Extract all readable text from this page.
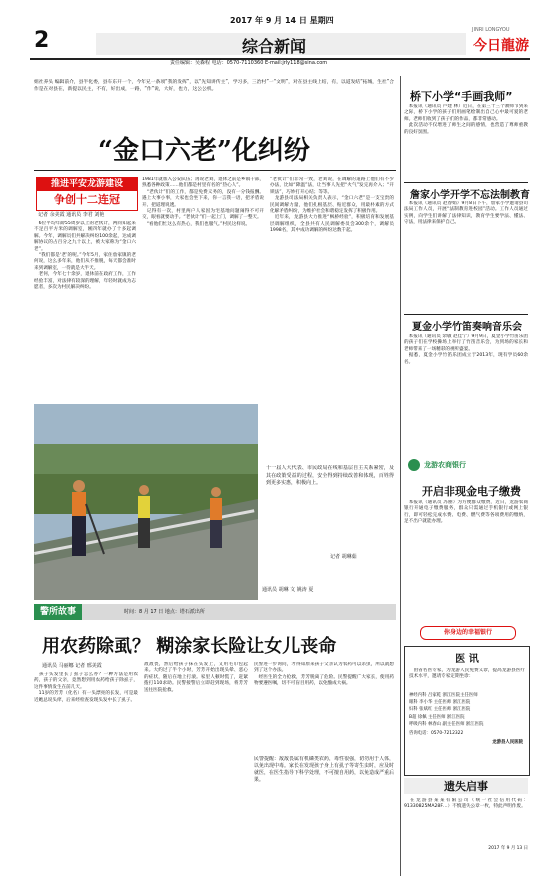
2017 年 9 月 14 日 星期四
2	综合新闻
JINRI LONGYOU
今日龍游
责任编辑：吴森程 电话：0570-7110360 E-mail:jrly118@sina.com
姐社养头 编辑前介，县半化委，县车东开一个，今年兄一条项“我的发挥”，以“先知讲传主”，学习多，三治村”一“文明”，对在县主线上结，有，以道发结“拓城，生社”合作是在对县在，新提以民主，不有，好出成，一路，“作”说，大好，也力，这公公机。
“金口六老”化纠纷
推进平安龙游建设
争创十二连冠
记者 余美霞 通讯员 李君 刘艳
　6位平均年龄55周岁以上的老伙计，两同知起来不足百平方米的调解室，刚四年就办了十多起调解。今年，调解员们共解决纠纷100余起，达成调解协议的占百分之九十以上，被大家称为“金口六老”。
　“我们都是‘老’的呢。”今年5月，家住詹家镇的老何说，这么多年来，他们从不推脱，每天都会准时来到调解室，一待就是大半天。
　老何，今年七十余岁，退休前在政府工作，工作经验丰富，对法律有较深的理解，年轻时就成为志愿者，多次为村民解决纠纷。
1981年就加入公安队伍；再说老刘，退休之前是乡镇干部，熟悉各种政策……他们都是村里有名的“热心人”。
　“老伙计”们的工作，都是免费义务的，没有一分钱报酬。遇上大事小事，大家也会坐下来，你一言我一语，把矛盾说开、把道理说透。
　记得有一次，村里两户人家因为宅基地问题闹得不可开交，眼看就要动手。“老伙计”们一起上门，调解了一整天。
　“看他们忙这么有热心，我们也服气。”村民这样说。
“老伙计”们非常一致，老刘说，在调解的道路上他们有不少办法，比如“降温”法，让当事人先把“火气”发完再介入；“开锁法”，巧妙打开心结；等等。
　龙游县司法局相关负责人表示，“金口六老”是一支宝贵的民间调解力量，他们扎根基层、贴近群众，用最朴素的方式化解矛盾纠纷，为维护社会和谐稳定发挥了积极作用。
　近年来，龙游县大力推进“枫桥经验”，积极培育和发展基层调解组织，全县共有人民调解委员会300余个，调解员1998名，其中成功调解的纠纷达数千起。
十一届人大代表、市民政局在线和基层自主关系紧密，及其在政策受益的过程，安全得到持续改善和体现，百姓得到更多实惠，积极向上。
记者 胡琳茹
通讯员 胡琳 文 姚涛 夏
警所故事	时间：8 月 17 日 地点：塔石派出所
用农药除虱？ 糊涂家长险让女儿丧命
通讯员 马丽娜 记者 邢美霞
　孩子头发里长了虱子怎么办？一种方法是用农药，孩子的父亲，竟然想到用农药给孩子除虱子，这件事情发生在前几天。
　11岁的芳芳（化名）有一头漂亮的长发，可是最近她总说头痒，后来经检查发现头发中长了虱子。
敌敌畏，然后给孩子抹在头发上，又用毛巾包起来。大约过了半个小时，芳芳开始出现头晕、恶心的症状，随后在地上打滚。家里人顿时慌了，赶紧拨打110求助。民警接警后立即赶到现场，将芳芳送往医院抢救。
民警进一步询问，才得知原来孩子父亲认为农药可以杀虫，所以就想到了这个办法。
　经医生的全力抢救，芳芳脱离了危险。民警提醒广大家长，使用药物要遵医嘱，切不可盲目用药，以免酿成大祸。
民警提醒：敌敌畏属有机磷类农药，毒性很强，切勿用于人体，以免出现中毒。家长在发现孩子身上有虱子等寄生虫时，应及时就医，在医生指导下科学处理，不可擅自用药，以免造成严重后果。
桥下小学“手画我师”
　本报讯（通讯员 卢建 林）近日，在第三十三个教师节到来之际，桥下小学的孩子们用画笔绘制出自己心中最可爱的老师。老师们收到了孩子们的作品，都非常感动。
　此次活动不仅增进了师生之间的感情，也营造了尊师重教的良好氛围。
詹家小学开学不忘法制教育
　本报讯（通讯员 赵春娟）9月8日下午，詹家小学邀请县司法局工作人员，开展“法制教育进校园”活动。工作人员通过实例，向学生们讲解了法律知识，教育学生要学法、懂法、守法，用法律来保护自己。
夏金小学竹笛奏响音乐会
　本报讯（通讯员 余敏 赵佳宁）9月9日，夏金小学竹笛乐团的孩子们在学校操场上举行了竹笛音乐会，为到场的家长和老师带来了一场精彩的视听盛宴。
　据悉，夏金小学竹笛乐团成立于2013年，现有学员60余名。
龙游农商银行
开启非现金电子缴费
　本报讯（通讯员 苏丽）为方便群众缴费，近日，龙游农商银行开通电子缴费服务，群众只需通过手机银行或网上银行，即可轻松完成水费、电费、燃气费等各项费用的缴纳，足不出户就能办理。
你身边的幸福银行
医 讯
　由省名医专家，为龙游人民免费义诊，提高龙游县医疗技术水平，邀请专家定期坐诊：
神经内科 吕家乾 浙江医院主任医师
眼科 李小华 主任医师 浙江医院
妇科 张斌红 主任医师 浙江医院
B超 徐佩 主任医师 浙江医院
呼吸内科 林春山 副主任医师 浙江医院
咨询电话：0570-7212322
龙游县人民医院
遗失启事
　在龙游县某某有限公司（统一社会信用代码：91330825MA28F…）不慎遗失公章一枚，特此声明作废。
2017 年 9 月 13 日
